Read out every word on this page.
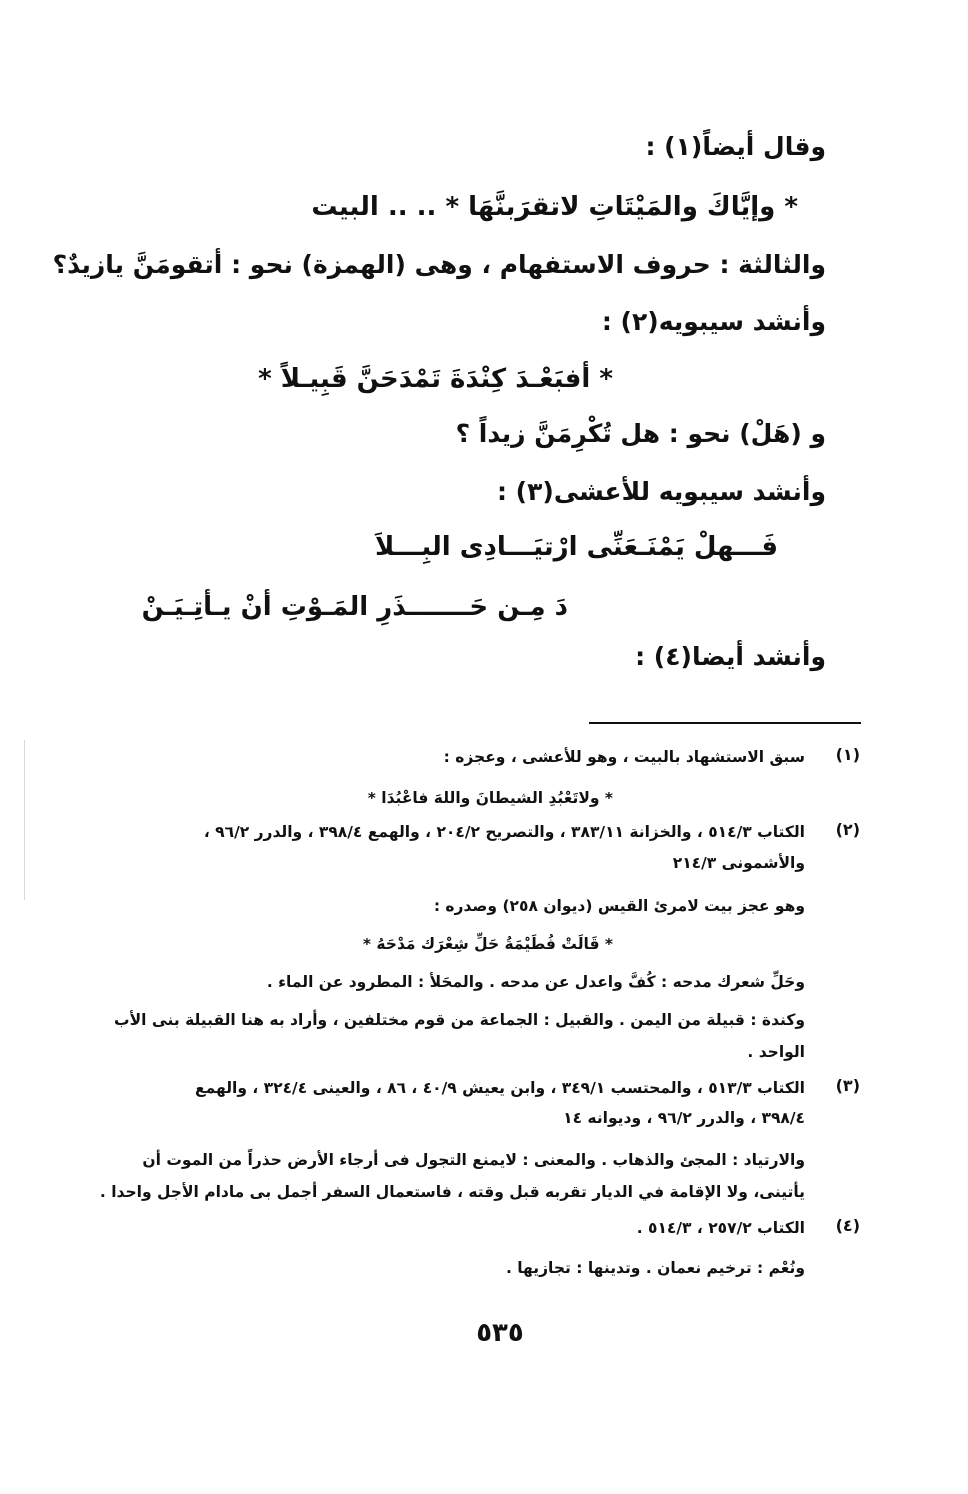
وقال أيضاً(١) :
* وإيَّاكَ والمَيْتَاتِ لاتقرَبنَّهَا * .. .. البيت
والثالثة : حروف الاستفهام ، وهى (الهمزة) نحو : أتقومَنَّ يازيدٌ؟
وأنشد سيبويه(٢) :
* أفبَعْـدَ كِنْدَةَ تَمْدَحَنَّ قَبِيـلاً *
و (هَلْ) نحو : هل تُكْرِمَنَّ زيداً ؟
وأنشد سيبويه للأعشى(٣) :
فَـــهلْ يَمْنَـعَنِّى ارْتيَـــادِى البِـــلاَ
دَ مِـن حَـــــــذَرِ المَـوْتِ أنْ يـأتِـيَـنْ
وأنشد أيضا(٤) :
(١)
سبق الاستشهاد بالبيت ، وهو للأعشى ، وعجزه :
* ولاتَعْبُدِ الشيطانَ واللهَ فاعْبُدَا *
(٢)
الكتاب ٥١٤/٣ ، والخزانة ٣٨٣/١١ ، والتصريح ٢٠٤/٢ ، والهمع ٣٩٨/٤ ، والدرر ٩٦/٢ ،
والأشمونى ٢١٤/٣
وهو عجز بيت لامرئ القيس (ديوان ٢٥٨) وصدره :
* قَالَتْ فُطَيْمَةُ حَلِّ شِعْرَك مَدْحَهُ *
وحَلِّ شعرك مدحه : كُفَّ واعدل عن مدحه . والمحَلأ : المطرود عن الماء .
وكندة : قبيلة من اليمن . والقبيل : الجماعة من قوم مختلفين ، وأراد به هنا القبيلة بنى الأب
الواحد .
(٣)
الكتاب ٥١٣/٣ ، والمحتسب ٣٤٩/١ ، وابن يعيش ٤٠/٩ ، ٨٦ ، والعينى ٣٢٤/٤ ، والهمع
٣٩٨/٤ ، والدرر ٩٦/٢ ، وديوانه ١٤
والارتياد : المجئ والذهاب . والمعنى : لايمنع التجول فى أرجاء الأرض حذراً من الموت أن
يأتينى، ولا الإقامة في الديار تقربه قبل وقته ، فاستعمال السفر أجمل بى مادام الأجل واحدا .
(٤)
الكتاب ٢٥٧/٢ ، ٥١٤/٣ .
ونُعْم : ترخيم نعمان . وتدينها : تجازيها .
٥٣٥
